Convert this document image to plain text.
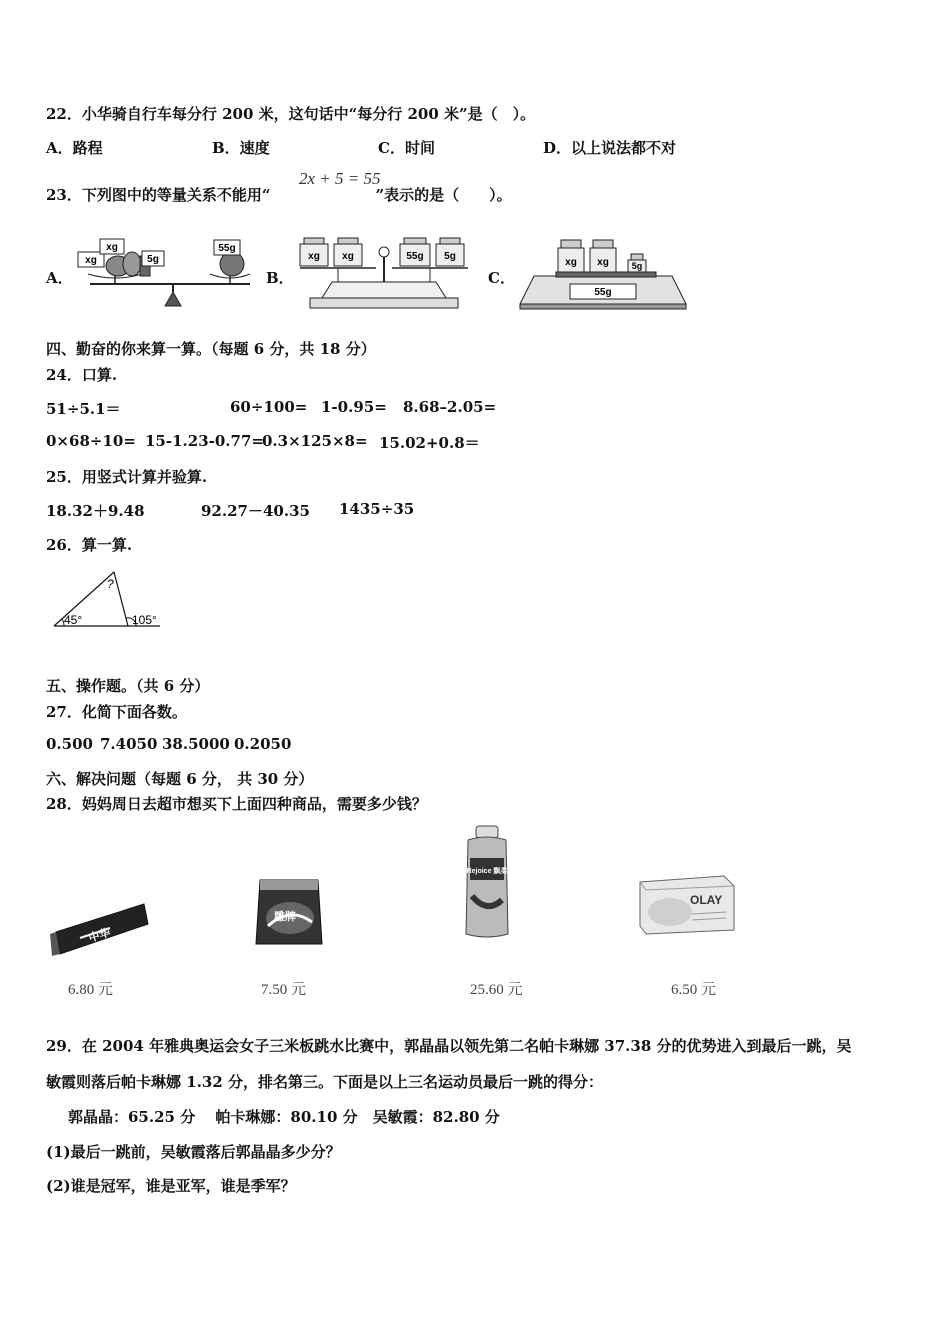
22．小华骑自行车每分行 200 米，这句话中“每分行 200 米”是（　）。
A．路程	B．速度	C．时间	D．以上说法都不对
23．下列图中的等量关系不能用“	”表示的是（　　）。
2x + 5 = 55
A．
xg
xg
5g
55g
B．
xg xg	55g 5g
C．
55g
xg xg	5g
四、勤奋的你来算一算。（每题 6 分，共 18 分）
24．口算.
51÷5.1＝	60÷100= 1-0.95= 8.68–2.05=
0×68÷10= 15-1.23-0.77=
0.3×125×8= 15.02+0.8＝
25．用竖式计算并验算.
18.32＋9.48	92.27－40.35 1435÷35
26．算一算.
?
45°	105°
五、操作题。（共 6 分）
27．化简下面各数。
0.500 7.4050 38.5000 0.2050
六、解决问题（每题 6 分， 共 30 分）
28．妈妈周日去超市想买下上面四种商品，需要多少钱？
中华
雕牌
Rejoice 飘柔
OLAY
6.80 元	7.50 元	25.60 元	6.50 元
29．在 2004 年雅典奥运会女子三米板跳水比赛中，郭晶晶以领先第二名帕卡琳娜 37.38 分的优势进入到最后一跳，吴
敏霞则落后帕卡琳娜 1.32 分，排名第三。下面是以上三名运动员最后一跳的得分：
郭晶晶：65.25 分　 帕卡琳娜：80.10 分　吴敏霞：82.80 分
(1)最后一跳前，吴敏霞落后郭晶晶多少分？
(2)谁是冠军，谁是亚军，谁是季军？
